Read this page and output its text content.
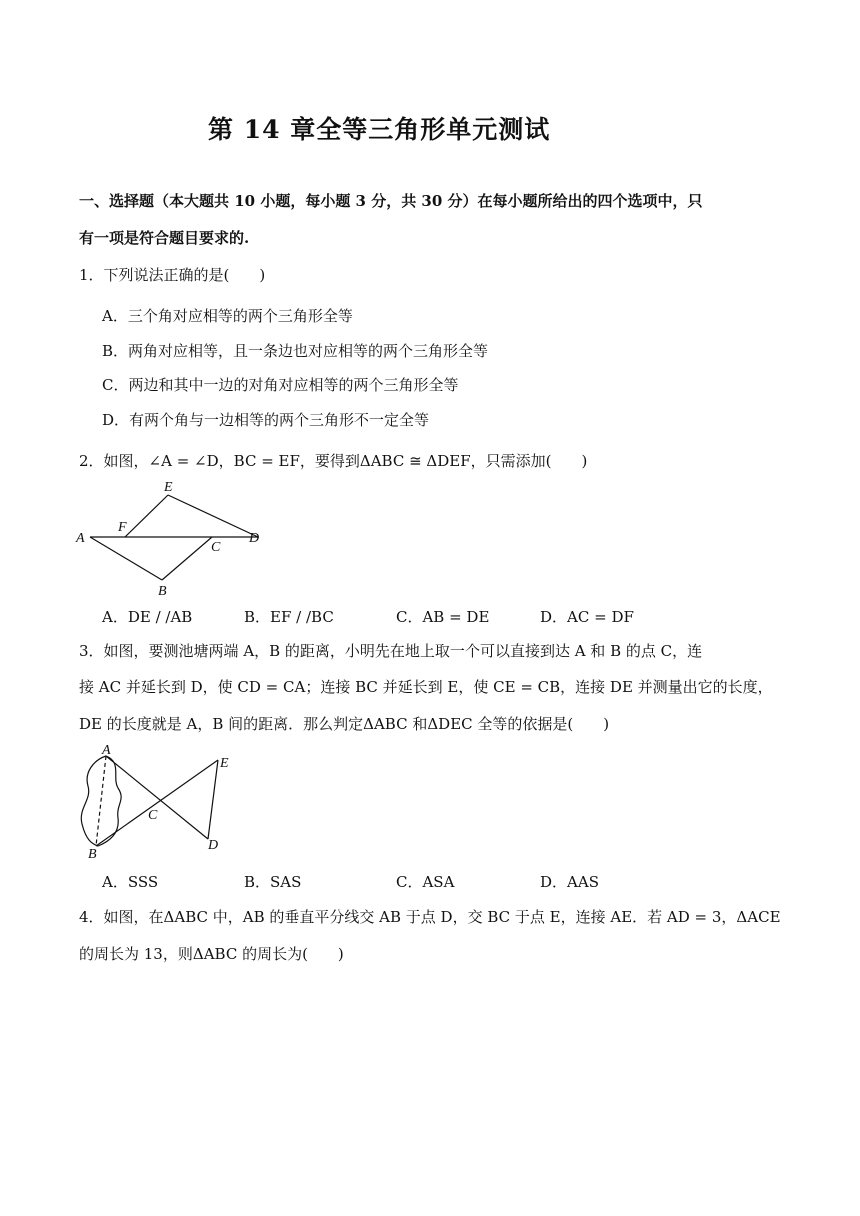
第 14 章全等三角形单元测试
一、选择题（本大题共 10 小题，每小题 3 分，共 30 分）在每小题所给出的四个选项中，只
有一项是符合题目要求的.
1．下列说法正确的是(　　)
A．三个角对应相等的两个三角形全等
B．两角对应相等，且一条边也对应相等的两个三角形全等
C．两边和其中一边的对角对应相等的两个三角形全等
D．有两个角与一边相等的两个三角形不一定全等
2．如图，∠A = ∠D，BC = EF，要得到ΔABC ≅ ΔDEF，只需添加(　　)
E
F
A
C
D
B
A．DE / /AB	B．EF / /BC	C．AB = DE	D．AC = DF
3．如图，要测池塘两端 A，B 的距离，小明先在地上取一个可以直接到达 A 和 B 的点 C，连
接 AC 并延长到 D，使 CD = CA；连接 BC 并延长到 E，使 CE = CB，连接 DE 并测量出它的长度，
DE 的长度就是 A，B 间的距离．那么判定ΔABC 和ΔDEC 全等的依据是(　　)
A
E
C
B
D
A．SSS	B．SAS	C．ASA	D．AAS
4．如图，在ΔABC 中，AB 的垂直平分线交 AB 于点 D，交 BC 于点 E，连接 AE．若 AD = 3，ΔACE
的周长为 13，则ΔABC 的周长为(　　)
